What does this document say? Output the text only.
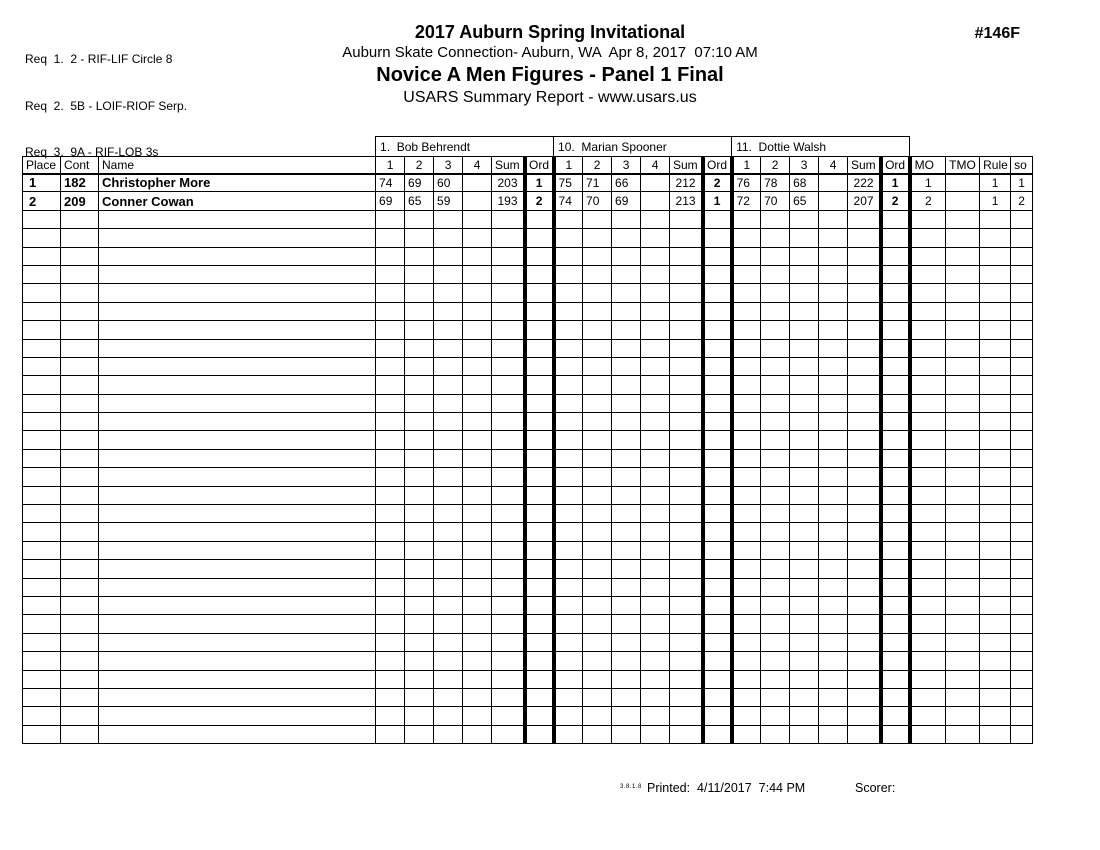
Req  1.  2 - RIF-LIF Circle 8

Req  2.  5B - LOIF-RIOF Serp.

Req  3.  9A - RIF-LOB 3s

2017 Auburn Spring Invitational
Auburn Skate Connection- Auburn, WA  Apr 8, 2017  07:10 AM
Novice A Men Figures - Panel 1 Final
USARS Summary Report - www.usars.us
#146F
			1.  Bob Behrendt						10.  Marian Spooner						11.  Dottie Walsh									
Place	Cont	Name	1	2	3	4	Sum	Ord	1	2	3	4	Sum	Ord	1	2	3	4	Sum	Ord	MO	TMO	Rule	so
1	182	Christopher More	74	69	60		203	1	75	71	66		212	2	76	78	68		222	1	1		1	1
2	209	Conner Cowan	69	65	59		193	2	74	70	69		213	1	72	70	65		207	2	2		1	2

3.8.1.8 Printed:  4/11/2017  7:44 PM	Scorer:
